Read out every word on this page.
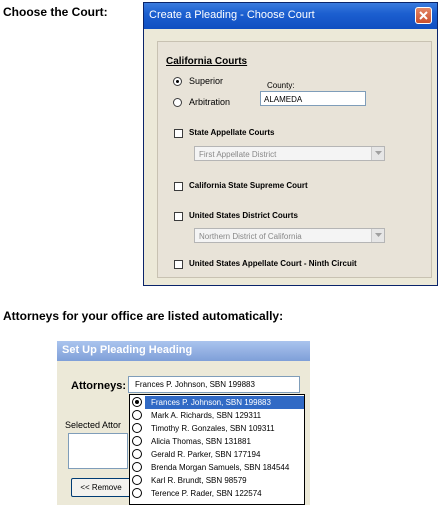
Choose the Court:	Create a Pleading - Choose Court
California Courts
Superior	County:
ALAMEDA
Arbitration
State Appellate Courts
First Appellate District
California State Supreme Court
United States District Courts
Northern District of California
United States Appellate Court - Ninth Circuit
Attorneys for your office are listed automatically:
Set Up Pleading Heading
Attorneys:	Frances P. Johnson, SBN 199883
Selected Attor
<< Remove
Frances P. Johnson, SBN 199883
Mark A. Richards, SBN 129311
Timothy R. Gonzales, SBN 109311
Alicia Thomas, SBN 131881
Gerald R. Parker, SBN 177194
Brenda Morgan Samuels, SBN 184544
Karl R. Brundt, SBN 98579
Terence P. Rader, SBN 122574
